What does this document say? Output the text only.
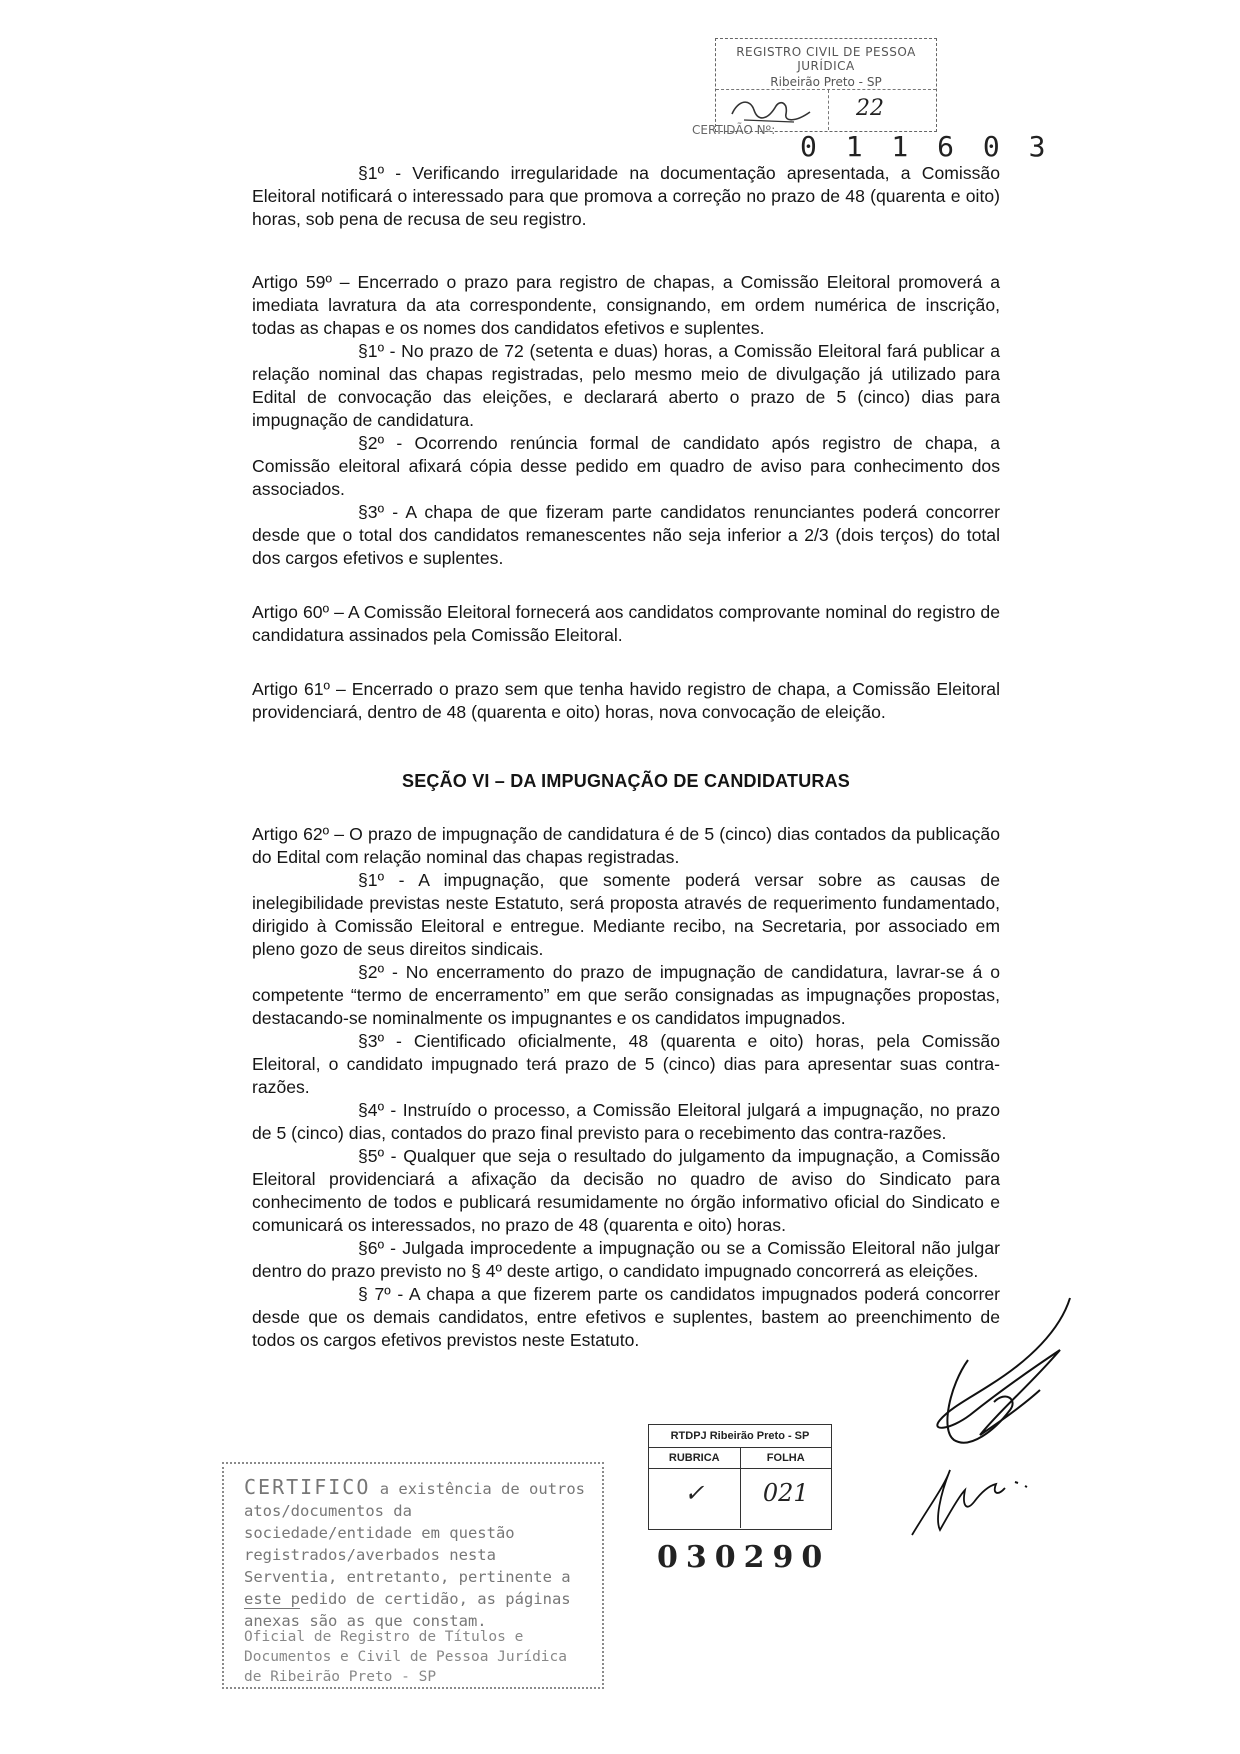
REGISTRO CIVIL DE PESSOA JURÍDICA
Ribeirão Preto - SP
22
CERTIDÃO Nº: 0 1 1 6 0 3

§1º - Verificando irregularidade na documentação apresentada, a Comissão Eleitoral notificará o interessado para que promova a correção no prazo de 48 (quarenta e oito) horas, sob pena de recusa de seu registro.

Artigo 59º – Encerrado o prazo para registro de chapas, a Comissão Eleitoral promoverá a imediata lavratura da ata correspondente, consignando, em ordem numérica de inscrição, todas as chapas e os nomes dos candidatos efetivos e suplentes.

§1º - No prazo de 72 (setenta e duas) horas, a Comissão Eleitoral fará publicar a relação nominal das chapas registradas, pelo mesmo meio de divulgação já utilizado para Edital de convocação das eleições, e declarará aberto o prazo de 5 (cinco) dias para impugnação de candidatura.

§2º - Ocorrendo renúncia formal de candidato após registro de chapa, a Comissão eleitoral afixará cópia desse pedido em quadro de aviso para conhecimento dos associados.

§3º - A chapa de que fizeram parte candidatos renunciantes poderá concorrer desde que o total dos candidatos remanescentes não seja inferior a 2/3 (dois terços) do total dos cargos efetivos e suplentes.

Artigo 60º – A Comissão Eleitoral fornecerá aos candidatos comprovante nominal do registro de candidatura assinados pela Comissão Eleitoral.

Artigo 61º – Encerrado o prazo sem que tenha havido registro de chapa, a Comissão Eleitoral providenciará, dentro de 48 (quarenta e oito) horas, nova convocação de eleição.

SEÇÃO VI – DA IMPUGNAÇÃO DE CANDIDATURAS

Artigo 62º – O prazo de impugnação de candidatura é de 5 (cinco) dias contados da publicação do Edital com relação nominal das chapas registradas.

§1º - A impugnação, que somente poderá versar sobre as causas de inelegibilidade previstas neste Estatuto, será proposta através de requerimento fundamentado, dirigido à Comissão Eleitoral e entregue. Mediante recibo, na Secretaria, por associado em pleno gozo de seus direitos sindicais.

§2º - No encerramento do prazo de impugnação de candidatura, lavrar-se á o competente “termo de encerramento” em que serão consignadas as impugnações propostas, destacando-se nominalmente os impugnantes e os candidatos impugnados.

§3º - Cientificado oficialmente, 48 (quarenta e oito) horas, pela Comissão Eleitoral, o candidato impugnado terá prazo de 5 (cinco) dias para apresentar suas contra-razões.

§4º - Instruído o processo, a Comissão Eleitoral julgará a impugnação, no prazo de 5 (cinco) dias, contados do prazo final previsto para o recebimento das contra-razões.

§5º - Qualquer que seja o resultado do julgamento da impugnação, a Comissão Eleitoral providenciará a afixação da decisão no quadro de aviso do Sindicato para conhecimento de todos e publicará resumidamente no órgão informativo oficial do Sindicato e comunicará os interessados, no prazo de 48 (quarenta e oito) horas.

§6º - Julgada improcedente a impugnação ou se a Comissão Eleitoral não julgar dentro do prazo previsto no § 4º deste artigo, o candidato impugnado concorrerá as eleições.

§ 7º - A chapa a que fizerem parte os candidatos impugnados poderá concorrer desde que os demais candidatos, entre efetivos e suplentes, bastem ao preenchimento de todos os cargos efetivos previstos neste Estatuto.

CERTIFICO a existência de outros atos/documentos da sociedade/entidade em questão registrados/averbados nesta Serventia, entretanto, pertinente a este pedido de certidão, as páginas anexas são as que constam.
Oficial de Registro de Títulos e Documentos e Civil de Pessoa Jurídica de Ribeirão Preto - SP
RTDPJ Ribeirão Preto - SP
RUBRICA
✓
FOLHA
021
030290
